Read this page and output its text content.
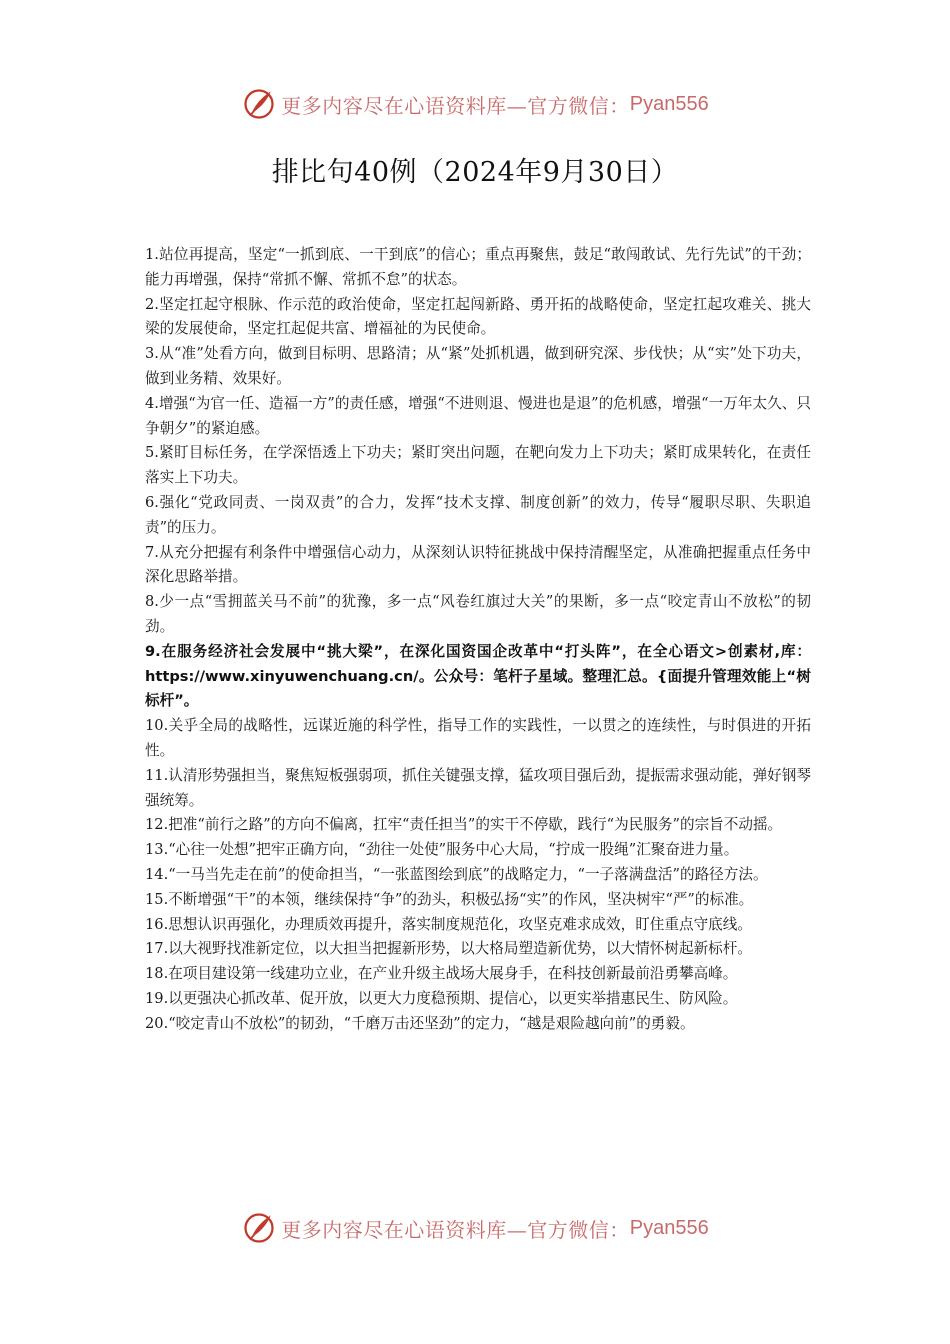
更多内容尽在心语资料库—官方微信： Pyan556
排比句40例（2024年9月30日）

1.站位再提高，坚定“一抓到底、一干到底”的信心；重点再聚焦，鼓足“敢闯敢试、先行先试”的干劲；能力再增强，保持“常抓不懈、常抓不怠”的状态。

2.坚定扛起守根脉、作示范的政治使命，坚定扛起闯新路、勇开拓的战略使命，坚定扛起攻难关、挑大梁的发展使命，坚定扛起促共富、增福祉的为民使命。

3.从“准”处看方向，做到目标明、思路清；从“紧”处抓机遇，做到研究深、步伐快；从“实”处下功夫，做到业务精、效果好。

4.增强“为官一任、造福一方”的责任感，增强“不进则退、慢进也是退”的危机感，增强“一万年太久、只争朝夕”的紧迫感。

5.紧盯目标任务，在学深悟透上下功夫；紧盯突出问题，在靶向发力上下功夫；紧盯成果转化，在责任落实上下功夫。

6.强化“党政同责、一岗双责”的合力，发挥“技术支撑、制度创新”的效力，传导“履职尽职、失职追责”的压力。

7.从充分把握有利条件中增强信心动力，从深刻认识特征挑战中保持清醒坚定，从准确把握重点任务中深化思路举措。

8.少一点“雪拥蓝关马不前”的犹豫，多一点“风卷红旗过大关”的果断，多一点“咬定青山不放松”的韧劲。

9.在服务经济社会发展中“挑大梁”，在深化国资国企改革中“打头阵”，在全心语文>创素材,库：https://www.xinyuwenchuang.cn/。公众号：笔杆子星域。整理汇总。{面提升管理效能上“树标杆”。

10.关乎全局的战略性，远谋近施的科学性，指导工作的实践性，一以贯之的连续性，与时俱进的开拓性。

11.认清形势强担当，聚焦短板强弱项，抓住关键强支撑，猛攻项目强后劲，提振需求强动能，弹好钢琴强统筹。

12.把准“前行之路”的方向不偏离，扛牢“责任担当”的实干不停歇，践行“为民服务”的宗旨不动摇。

13.“心往一处想”把牢正确方向，“劲往一处使”服务中心大局，“拧成一股绳”汇聚奋进力量。

14.“一马当先走在前”的使命担当，“一张蓝图绘到底”的战略定力，“一子落满盘活”的路径方法。

15.不断增强“干”的本领，继续保持“争”的劲头，积极弘扬“实”的作风，坚决树牢“严”的标准。

16.思想认识再强化，办理质效再提升，落实制度规范化，攻坚克难求成效，盯住重点守底线。

17.以大视野找准新定位，以大担当把握新形势，以大格局塑造新优势，以大情怀树起新标杆。

18.在项目建设第一线建功立业，在产业升级主战场大展身手，在科技创新最前沿勇攀高峰。

19.以更强决心抓改革、促开放，以更大力度稳预期、提信心，以更实举措惠民生、防风险。

20.“咬定青山不放松”的韧劲，“千磨万击还坚劲”的定力，“越是艰险越向前”的勇毅。

更多内容尽在心语资料库—官方微信： Pyan556
